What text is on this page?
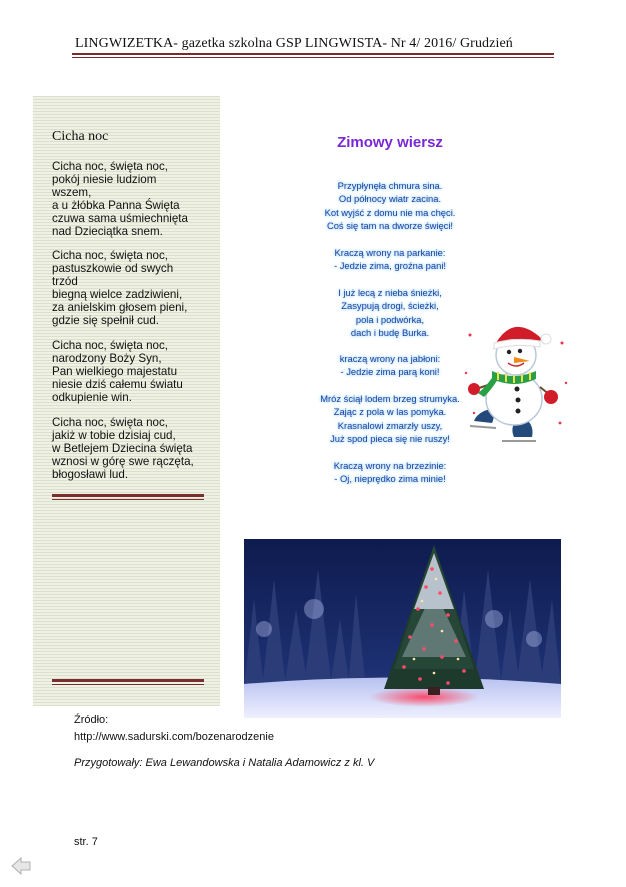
LINGWIZETKA- gazetka szkolna GSP LINGWISTA- Nr 4/ 2016/ Grudzień
Cicha noc
Cicha noc, święta noc,
pokój niesie ludziom
wszem,
a u żłóbka Panna Święta
czuwa sama uśmiechnięta
nad Dzieciątka snem.
Cicha noc, święta noc,
pastuszkowie od swych
trzód
biegną wielce zadziwieni,
za anielskim głosem pieni,
gdzie się spełnił cud.
Cicha noc, święta noc,
narodzony Boży Syn,
Pan wielkiego majestatu
niesie dziś całemu światu
odkupienie win.
Cicha noc, święta noc,
jakiż w tobie dzisiaj cud,
w Betlejem Dziecina święta
wznosi w górę swe rączęta,
błogosławi lud.
Zimowy wiersz
Przypłynęła chmura sina.
Od północy wiatr zacina.
Kot wyjść z domu nie ma chęci.
Coś się tam na dworze święci!
Kraczą wrony na parkanie:
- Jedzie zima, groźna pani!
I już lecą z nieba śnieżki,
Zasypują drogi, ścieżki,
pola i podwórka,
dach i budę Burka.
kraczą wrony na jabłoni:
- Jedzie zima parą koni!
Mróz ściął lodem brzeg strumyka.
Zając z pola w las pomyka.
Krasnalowi zmarzły uszy,
Już spod pieca się nie ruszy!
Kraczą wrony na brzezinie:
- Oj, nieprędko zima minie!
Źródło:
http://www.sadurski.com/bozenarodzenie
Przygotowały: Ewa Lewandowska i Natalia Adamowicz z kl. V
str. 7
